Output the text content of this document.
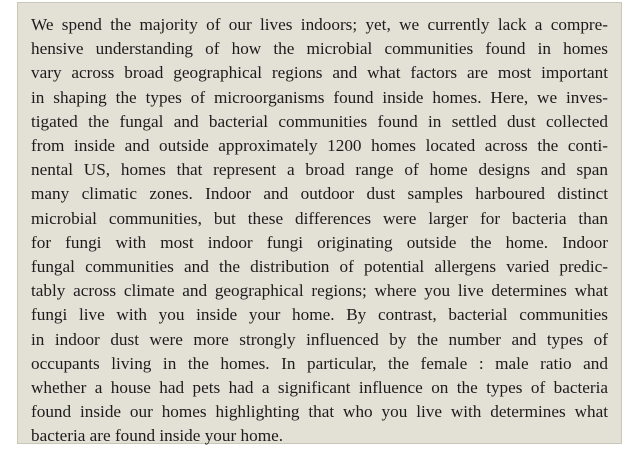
We spend the majority of our lives indoors; yet, we currently lack a compre-
hensive understanding of how the microbial communities found in homes
vary across broad geographical regions and what factors are most important
in shaping the types of microorganisms found inside homes. Here, we inves-
tigated the fungal and bacterial communities found in settled dust collected
from inside and outside approximately 1200 homes located across the conti-
nental US, homes that represent a broad range of home designs and span
many climatic zones. Indoor and outdoor dust samples harboured distinct
microbial communities, but these differences were larger for bacteria than
for fungi with most indoor fungi originating outside the home. Indoor
fungal communities and the distribution of potential allergens varied predic-
tably across climate and geographical regions; where you live determines what
fungi live with you inside your home. By contrast, bacterial communities
in indoor dust were more strongly influenced by the number and types of
occupants living in the homes. In particular, the female : male ratio and
whether a house had pets had a significant influence on the types of bacteria
found inside our homes highlighting that who you live with determines what
bacteria are found inside your home.
